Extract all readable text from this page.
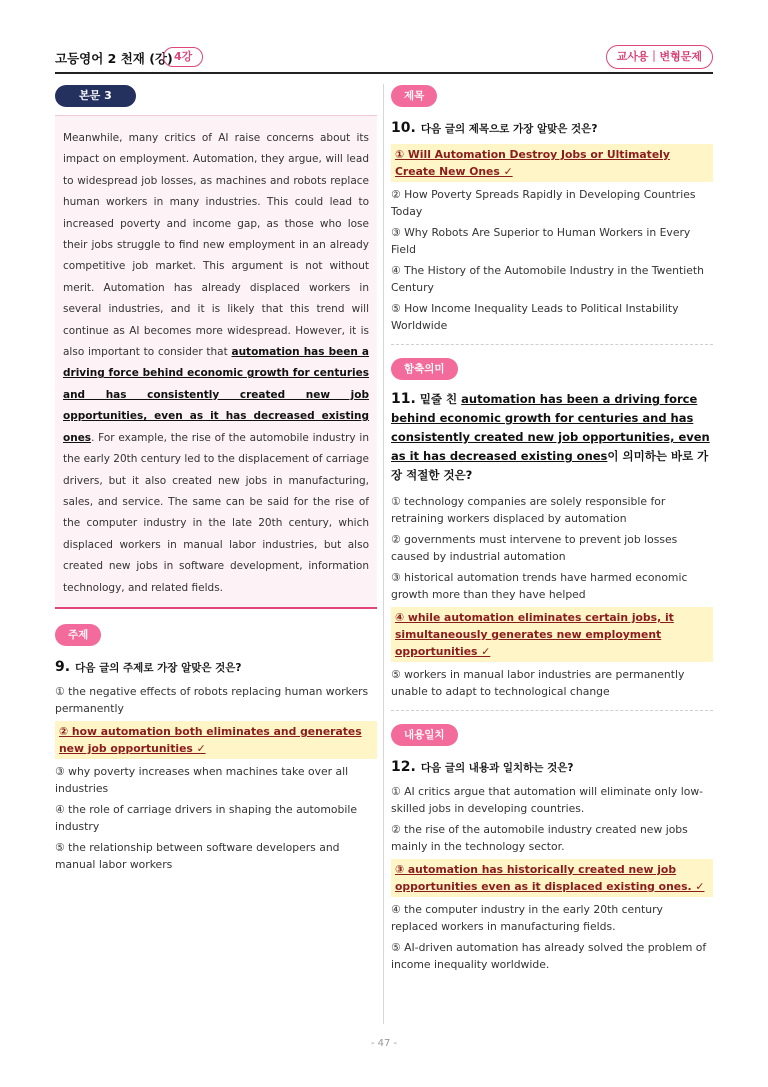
고등영어 2 천재 (강) 4강	교사용｜변형문제
본문 3
Meanwhile, many critics of AI raise concerns about its impact on employment. Automation, they argue, will lead to widespread job losses, as machines and robots replace human workers in many industries. This could lead to increased poverty and income gap, as those who lose their jobs struggle to find new employment in an already competitive job market. This argument is not without merit. Automation has already displaced workers in several industries, and it is likely that this trend will continue as AI becomes more widespread. However, it is also important to consider that automation has been a driving force behind economic growth for centuries and has consistently created new job opportunities, even as it has decreased existing ones. For example, the rise of the automobile industry in the early 20th century led to the displacement of carriage drivers, but it also created new jobs in manufacturing, sales, and service. The same can be said for the rise of the computer industry in the late 20th century, which displaced workers in manual labor industries, but also created new jobs in software development, information technology, and related fields.
주제
9. 다음 글의 주제로 가장 알맞은 것은?
① the negative effects of robots replacing human workers permanently
② how automation both eliminates and generates new job opportunities ✓
③ why poverty increases when machines take over all industries
④ the role of carriage drivers in shaping the automobile industry
⑤ the relationship between software developers and manual labor workers
제목
10. 다음 글의 제목으로 가장 알맞은 것은?
① Will Automation Destroy Jobs or Ultimately Create New Ones ✓
② How Poverty Spreads Rapidly in Developing Countries Today
③ Why Robots Are Superior to Human Workers in Every Field
④ The History of the Automobile Industry in the Twentieth Century
⑤ How Income Inequality Leads to Political Instability Worldwide
함축의미
11. 밑줄 친 automation has been a driving force behind economic growth for centuries and has consistently created new job opportunities, even as it has decreased existing ones이 의미하는 바로 가장 적절한 것은?
① technology companies are solely responsible for retraining workers displaced by automation
② governments must intervene to prevent job losses caused by industrial automation
③ historical automation trends have harmed economic growth more than they have helped
④ while automation eliminates certain jobs, it simultaneously generates new employment opportunities ✓
⑤ workers in manual labor industries are permanently unable to adapt to technological change
내용일치
12. 다음 글의 내용과 일치하는 것은?
① AI critics argue that automation will eliminate only low-skilled jobs in developing countries.
② the rise of the automobile industry created new jobs mainly in the technology sector.
③ automation has historically created new job opportunities even as it displaced existing ones. ✓
④ the computer industry in the early 20th century replaced workers in manufacturing fields.
⑤ AI-driven automation has already solved the problem of income inequality worldwide.
- 47 -
